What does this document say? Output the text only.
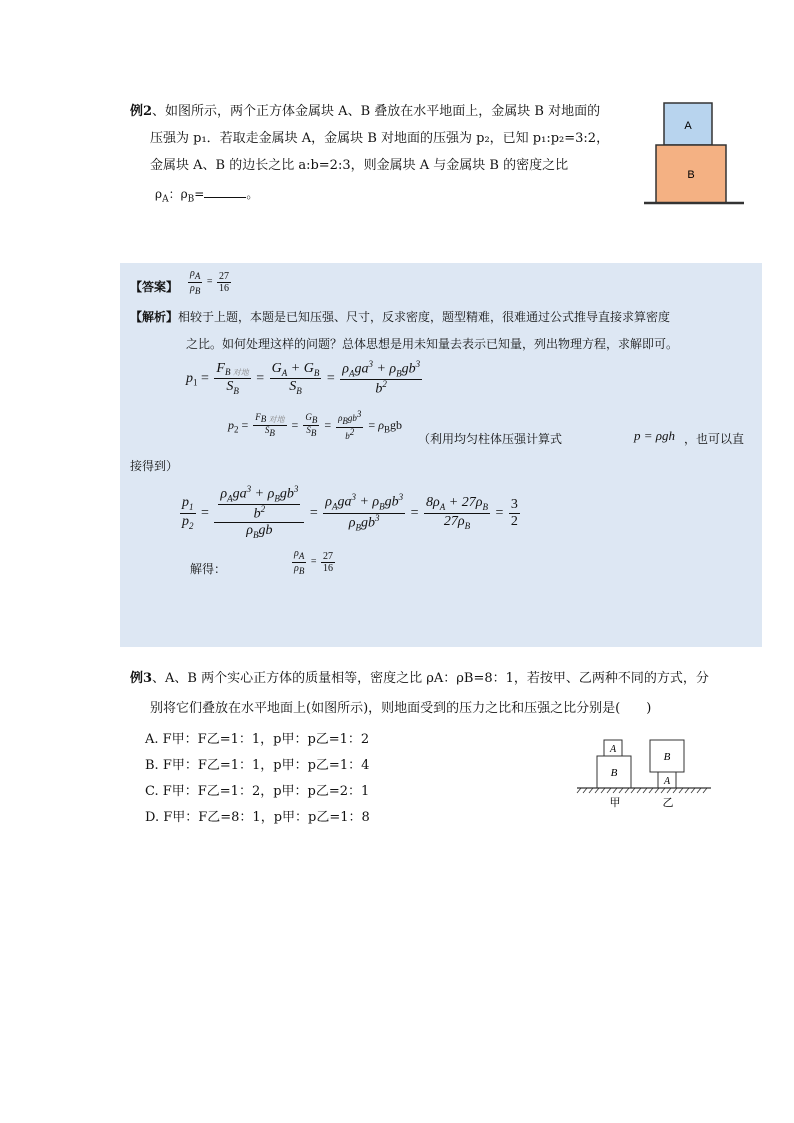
例2、如图所示，两个正方体金属块 A、B 叠放在水平地面上，金属块 B 对地面的
压强为 p₁．若取走金属块 A，金属块 B 对地面的压强为 p₂，已知 p₁:p₂=3:2，
金属块 A、B 的边长之比 a:b=2:3，则金属块 A 与金属块 B 的密度之比
$\rho_A$：$\rho_B=$	。
A
B
【答案】 $\frac{\rho_A}{\rho_B} = \frac{27}{16}$
【解析】相较于上题，本题是已知压强、尺寸，反求密度，题型精难，很难通过公式推导直接求算密度
之比。如何处理这样的问题？总体思想是用未知量去表示已知量，列出物理方程，求解即可。
$p_1 = \frac{F_{B 对地}}{S_B} = \frac{G_A + G_B}{S_B} = \frac{\rho_Aga^3 + \rho_Bgb^3}{b^2}$
$p_2 = \frac{F_{B 对地}}{S_B} = \frac{G_B}{S_B} = \frac{\rho_Bgb^3}{b^2} = \rho_Bgb$
（利用均匀柱体压强计算式	p = ρgh ，也可以直
接得到）
$\frac{p_1}{p_2} = \frac{\frac{\rho_Aga^3 + \rho_Bgb^3}{b^2}}{\rho_Bgb} = \frac{\rho_Aga^3 + \rho_Bgb^3}{\rho_Bgb^3} = \frac{8\rho_A + 27\rho_B}{27\rho_B} = \frac{3}{2}$
解得：	$\frac{\rho_A}{\rho_B} = \frac{27}{16}$
例3、A、B 两个实心正方体的质量相等，密度之比 ρA：ρB=8：1，若按甲、乙两种不同的方式，分
别将它们叠放在水平地面上(如图所示)，则地面受到的压力之比和压强之比分别是(　　)
A. F甲：F乙=1：1，p甲：p乙=1：2
B. F甲：F乙=1：1，p甲：p乙=1：4
C. F甲：F乙=1：2，p甲：p乙=2：1
D. F甲：F乙=8：1，p甲：p乙=1：8
A
B
B
A
甲	乙
